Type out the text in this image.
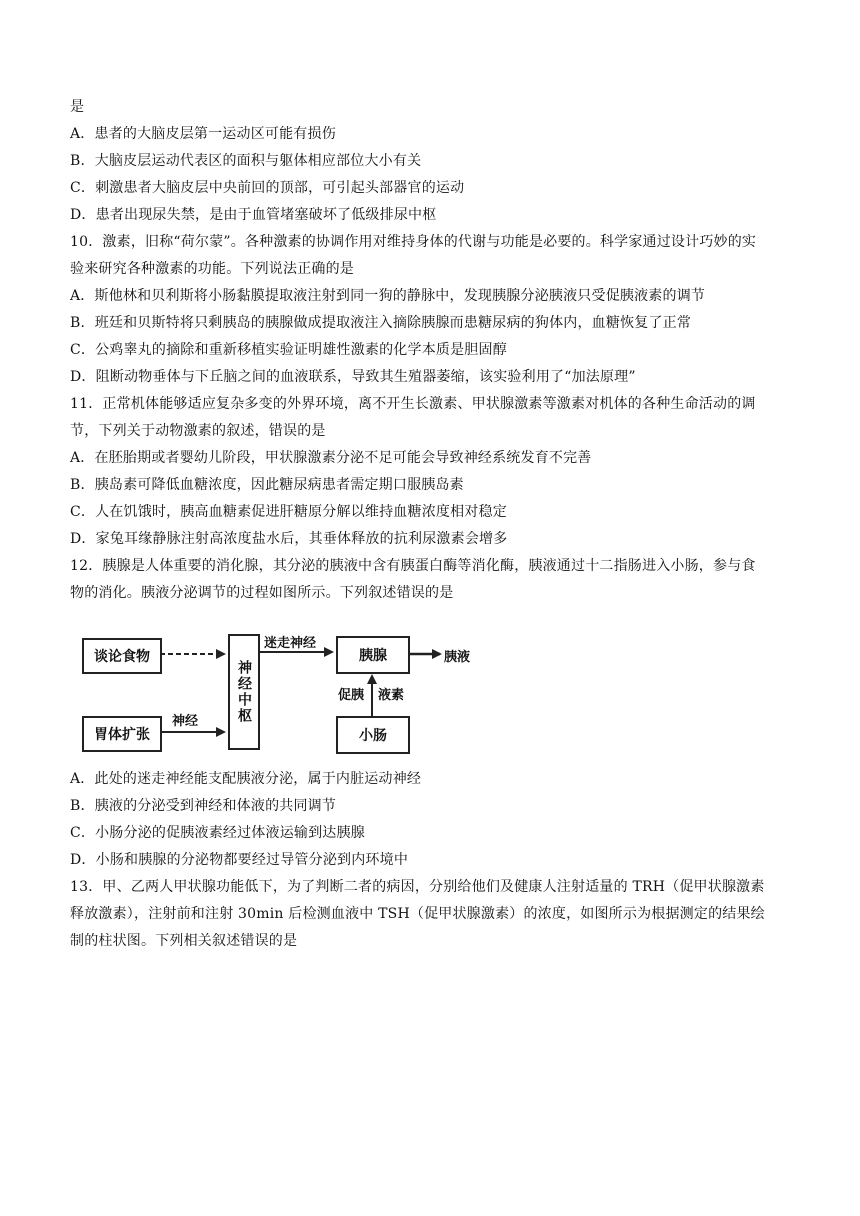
是
A．患者的大脑皮层第一运动区可能有损伤
B．大脑皮层运动代表区的面积与躯体相应部位大小有关
C．刺激患者大脑皮层中央前回的顶部，可引起头部器官的运动
D．患者出现尿失禁，是由于血管堵塞破坏了低级排尿中枢
10．激素，旧称“荷尔蒙”。各种激素的协调作用对维持身体的代谢与功能是必要的。科学家通过设计巧妙的实
验来研究各种激素的功能。下列说法正确的是
A．斯他林和贝利斯将小肠黏膜提取液注射到同一狗的静脉中，发现胰腺分泌胰液只受促胰液素的调节
B．班廷和贝斯特将只剩胰岛的胰腺做成提取液注入摘除胰腺而患糖尿病的狗体内，血糖恢复了正常
C．公鸡睾丸的摘除和重新移植实验证明雄性激素的化学本质是胆固醇
D．阻断动物垂体与下丘脑之间的血液联系，导致其生殖器萎缩，该实验利用了“加法原理”
11．正常机体能够适应复杂多变的外界环境，离不开生长激素、甲状腺激素等激素对机体的各种生命活动的调
节，下列关于动物激素的叙述，错误的是
A．在胚胎期或者婴幼儿阶段，甲状腺激素分泌不足可能会导致神经系统发育不完善
B．胰岛素可降低血糖浓度，因此糖尿病患者需定期口服胰岛素
C．人在饥饿时，胰高血糖素促进肝糖原分解以维持血糖浓度相对稳定
D．家兔耳缘静脉注射高浓度盐水后，其垂体释放的抗利尿激素会增多
12．胰腺是人体重要的消化腺，其分泌的胰液中含有胰蛋白酶等消化酶，胰液通过十二指肠进入小肠，参与食
物的消化。胰液分泌调节的过程如图所示。下列叙述错误的是
谈论食物
胃体扩张
神经中枢
胰腺
小肠
迷走神经
神经
促胰 液素
胰液
A．此处的迷走神经能支配胰液分泌，属于内脏运动神经
B．胰液的分泌受到神经和体液的共同调节
C．小肠分泌的促胰液素经过体液运输到达胰腺
D．小肠和胰腺的分泌物都要经过导管分泌到内环境中
13．甲、乙两人甲状腺功能低下，为了判断二者的病因，分别给他们及健康人注射适量的 TRH（促甲状腺激素
释放激素），注射前和注射 30min 后检测血液中 TSH（促甲状腺激素）的浓度，如图所示为根据测定的结果绘
制的柱状图。下列相关叙述错误的是
